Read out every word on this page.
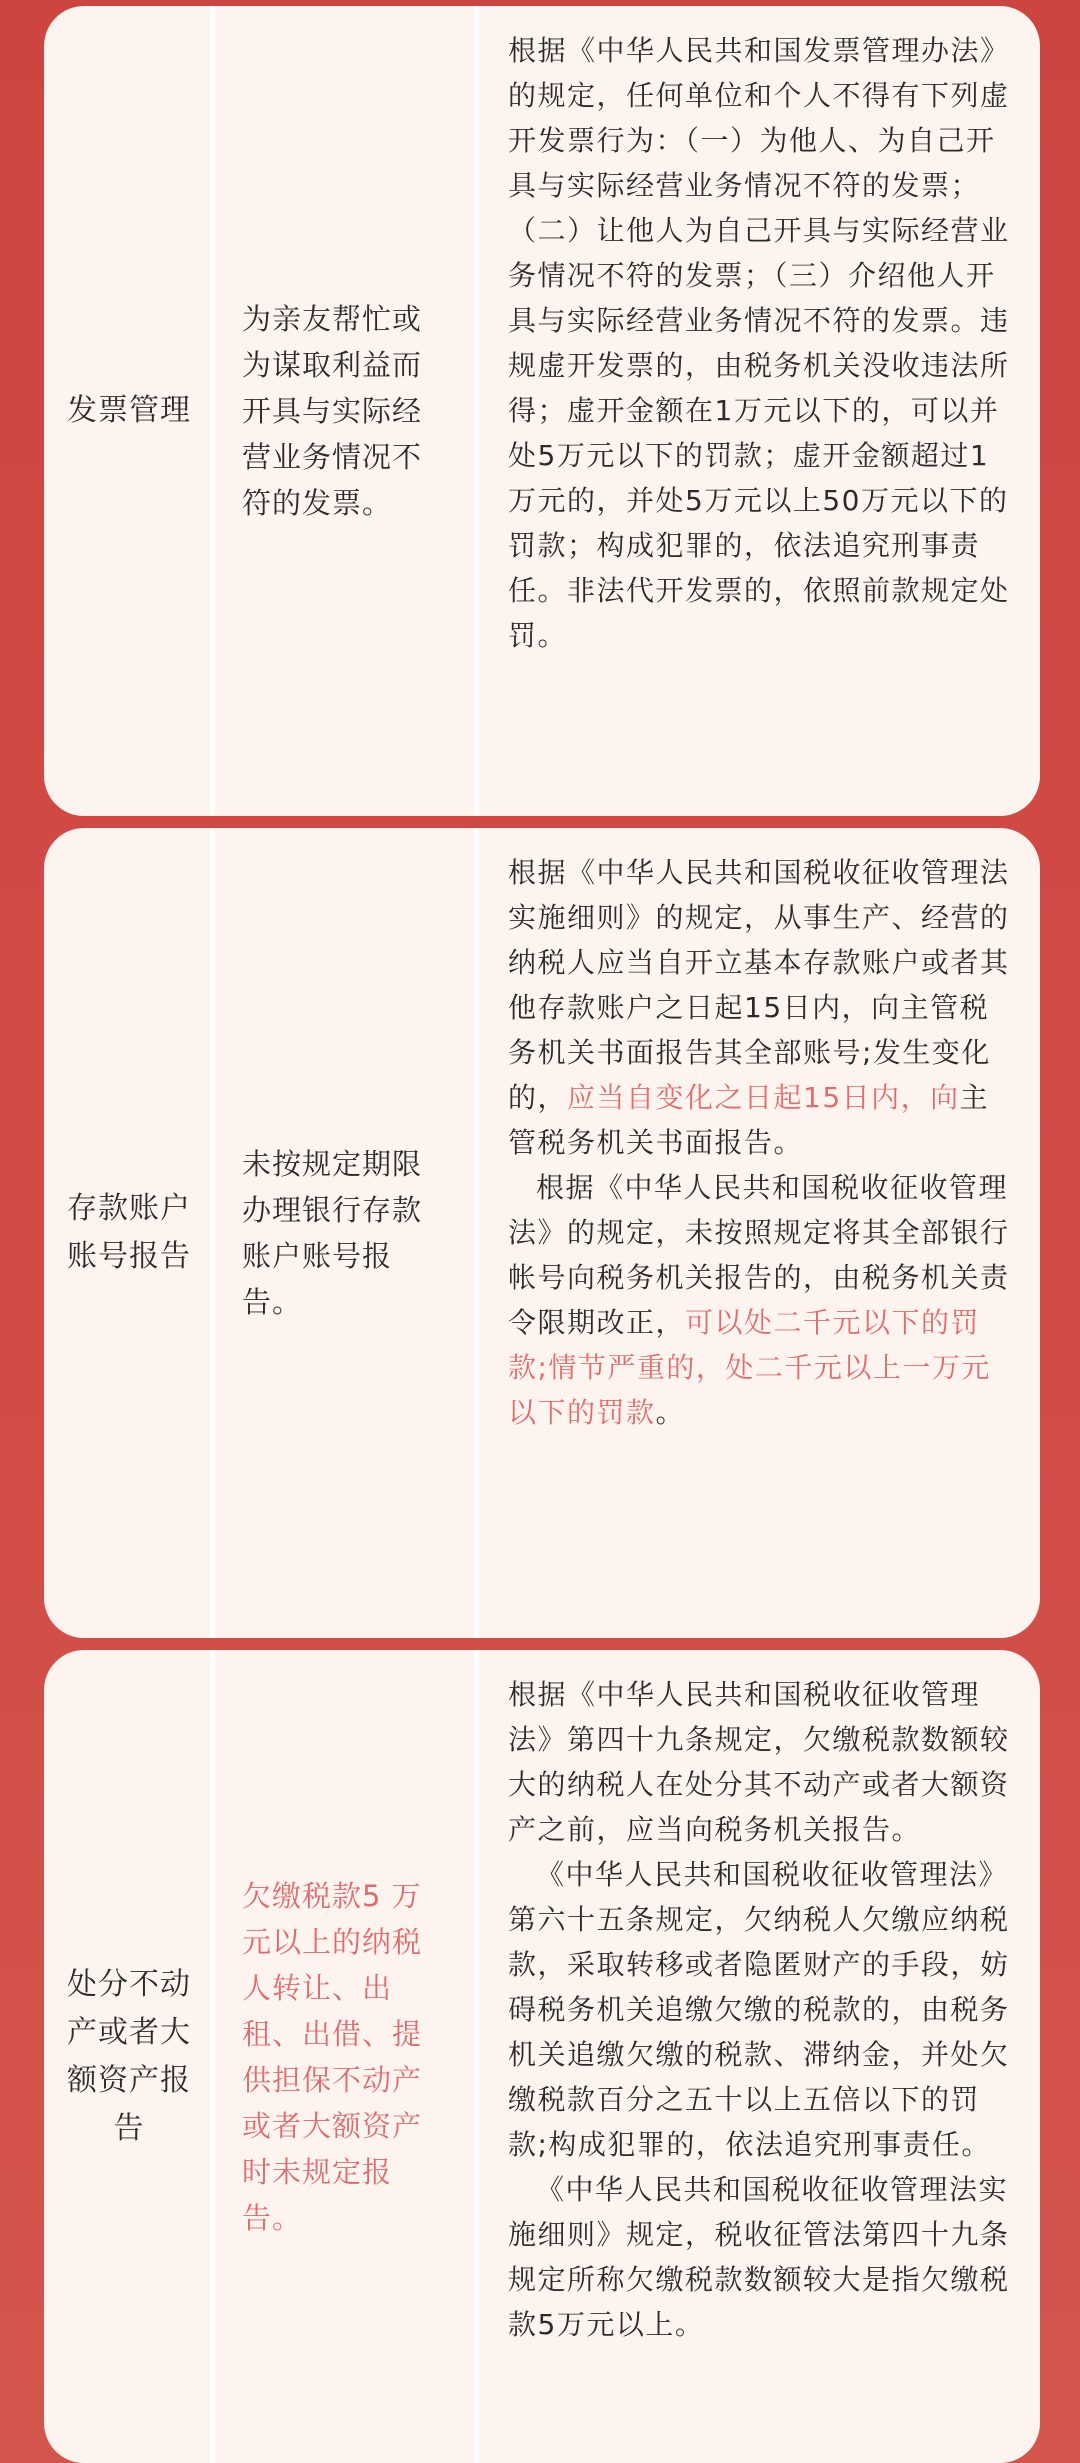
发票管理
为亲友帮忙或为谋取利益而开具与实际经营业务情况不符的发票。

根据《中华人民共和国发票管理办法》的规定，任何单位和个人不得有下列虚开发票行为：（一）为他人、为自己开具与实际经营业务情况不符的发票；（二）让他人为自己开具与实际经营业务情况不符的发票；（三）介绍他人开具与实际经营业务情况不符的发票。违规虚开发票的，由税务机关没收违法所得；虚开金额在1万元以下的，可以并处5万元以下的罚款；虚开金额超过1万元的，并处5万元以上50万元以下的罚款；构成犯罪的，依法追究刑事责任。非法代开发票的，依照前款规定处罚。

存款账户账号报告
未按规定期限办理银行存款账户账号报告。

根据《中华人民共和国税收征收管理法实施细则》的规定，从事生产、经营的纳税人应当自开立基本存款账户或者其他存款账户之日起15日内，向主管税务机关书面报告其全部账号;发生变化的，应当自变化之日起15日内，向主管税务机关书面报告。

根据《中华人民共和国税收征收管理法》的规定，未按照规定将其全部银行帐号向税务机关报告的，由税务机关责令限期改正，可以处二千元以下的罚款;情节严重的，处二千元以上一万元以下的罚款。

处分不动产或者大额资产报告
欠缴税款5 万元以上的纳税人转让、出租、出借、提供担保不动产或者大额资产时未规定报告。

根据《中华人民共和国税收征收管理法》第四十九条规定，欠缴税款数额较大的纳税人在处分其不动产或者大额资产之前，应当向税务机关报告。

《中华人民共和国税收征收管理法》第六十五条规定，欠纳税人欠缴应纳税款，采取转移或者隐匿财产的手段，妨碍税务机关追缴欠缴的税款的，由税务机关追缴欠缴的税款、滞纳金，并处欠缴税款百分之五十以上五倍以下的罚款;构成犯罪的，依法追究刑事责任。

《中华人民共和国税收征收管理法实施细则》规定，税收征管法第四十九条规定所称欠缴税款数额较大是指欠缴税款5万元以上。
